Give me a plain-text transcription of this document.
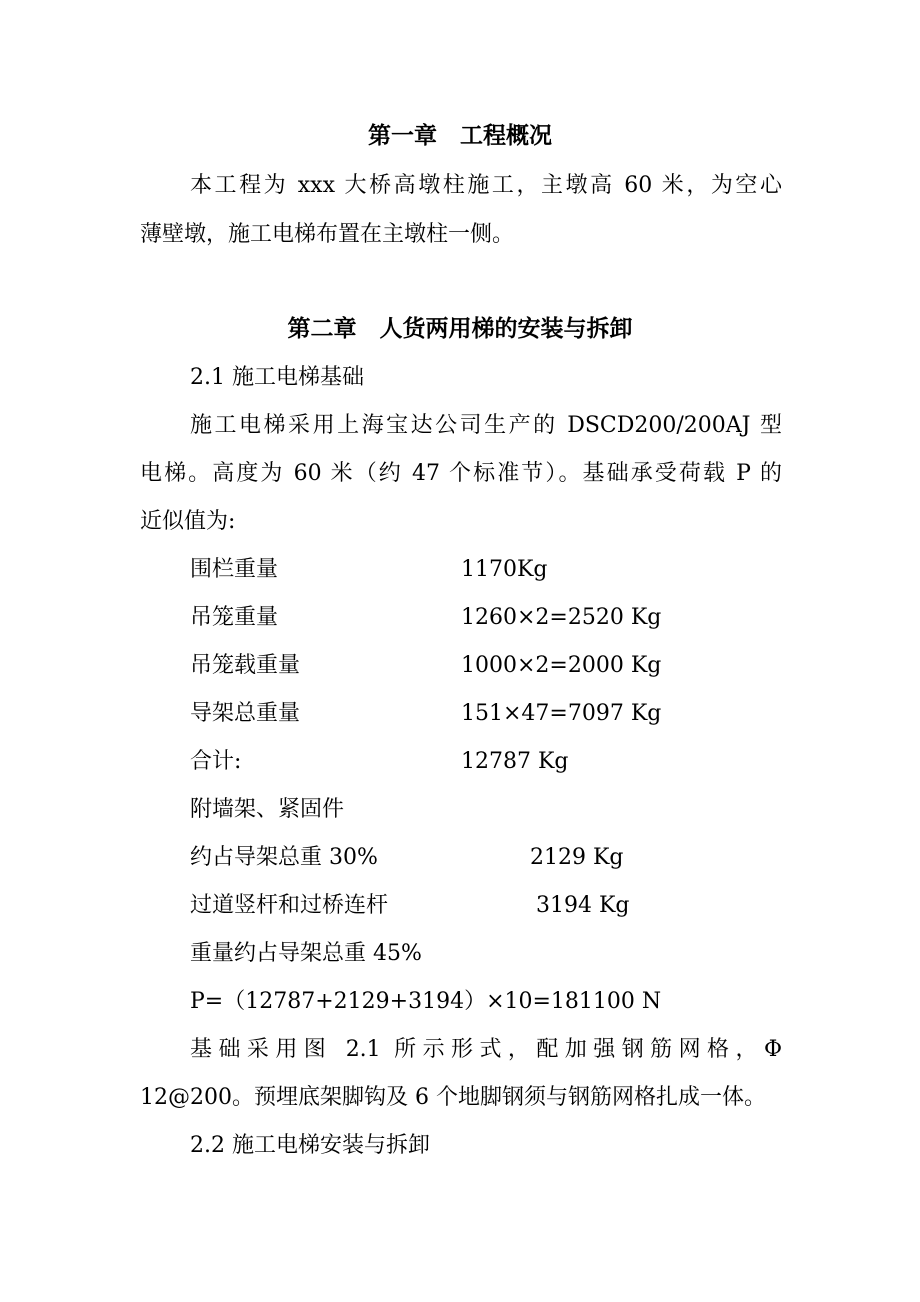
第一章　工程概况
本工程为 xxx 大桥高墩柱施工，主墩高 60 米，为空心
薄壁墩，施工电梯布置在主墩柱一侧。
第二章　人货两用梯的安装与拆卸
2.1 施工电梯基础
施工电梯采用上海宝达公司生产的 DSCD200/200AJ 型
电梯。高度为 60 米（约 47 个标准节）。基础承受荷载 P 的
近似值为:
围栏重量	1170Kg
吊笼重量	1260×2=2520 Kg
吊笼载重量	1000×2=2000 Kg
导架总重量	151×47=7097 Kg
合计:	12787 Kg
附墙架、紧固件
约占导架总重 30%	2129 Kg
过道竖杆和过桥连杆	3194 Kg
重量约占导架总重 45%
P=（12787+2129+3194）×10=181100 N
基础采用图 2.1 所示形式，配加强钢筋网格，Φ
12@200。预埋底架脚钩及 6 个地脚钢须与钢筋网格扎成一体。
2.2 施工电梯安装与拆卸
